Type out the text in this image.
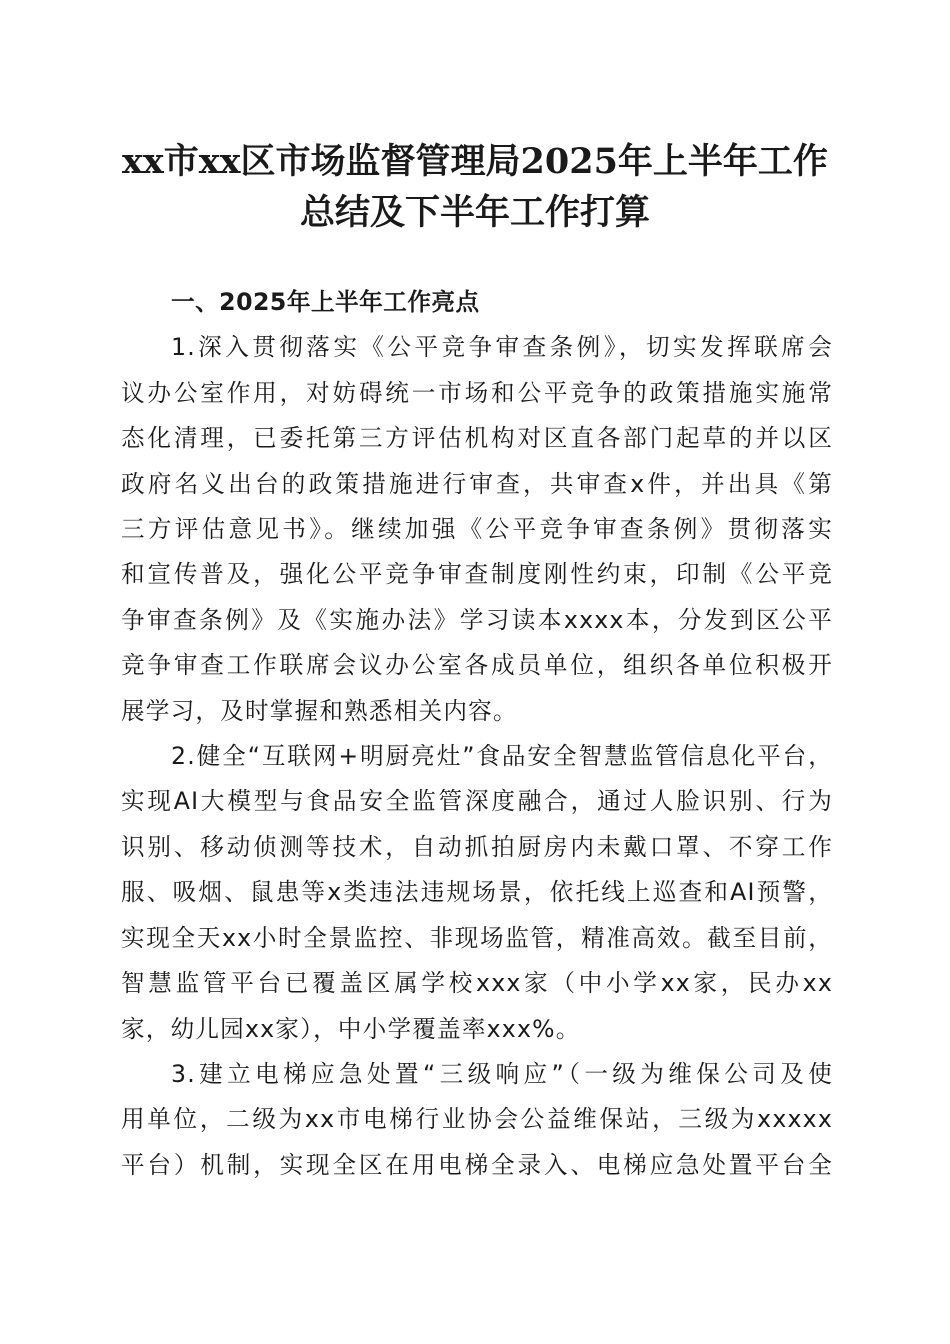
xx市xx区市场监督管理局2025年上半年工作
总结及下半年工作打算

一、2025年上半年工作亮点

1.深入贯彻落实《公平竞争审查条例》，切实发挥联席会
议办公室作用，对妨碍统一市场和公平竞争的政策措施实施常
态化清理，已委托第三方评估机构对区直各部门起草的并以区
政府名义出台的政策措施进行审查，共审查x件，并出具《第
三方评估意见书》。继续加强《公平竞争审查条例》贯彻落实
和宣传普及，强化公平竞争审查制度刚性约束，印制《公平竞
争审查条例》及《实施办法》学习读本xxxx本，分发到区公平
竞争审查工作联席会议办公室各成员单位，组织各单位积极开
展学习，及时掌握和熟悉相关内容。

2.健全“互联网+明厨亮灶”食品安全智慧监管信息化平台，
实现AI大模型与食品安全监管深度融合，通过人脸识别、行为
识别、移动侦测等技术，自动抓拍厨房内未戴口罩、不穿工作
服、吸烟、鼠患等x类违法违规场景，依托线上巡查和AI预警，
实现全天xx小时全景监控、非现场监管，精准高效。截至目前，
智慧监管平台已覆盖区属学校xxx家（中小学xx家，民办xx
家，幼儿园xx家），中小学覆盖率xxx%。

3.建立电梯应急处置“三级响应”（一级为维保公司及使
用单位，二级为xx市电梯行业协会公益维保站，三级为xxxxx
平台）机制，实现全区在用电梯全录入、电梯应急处置平台全
